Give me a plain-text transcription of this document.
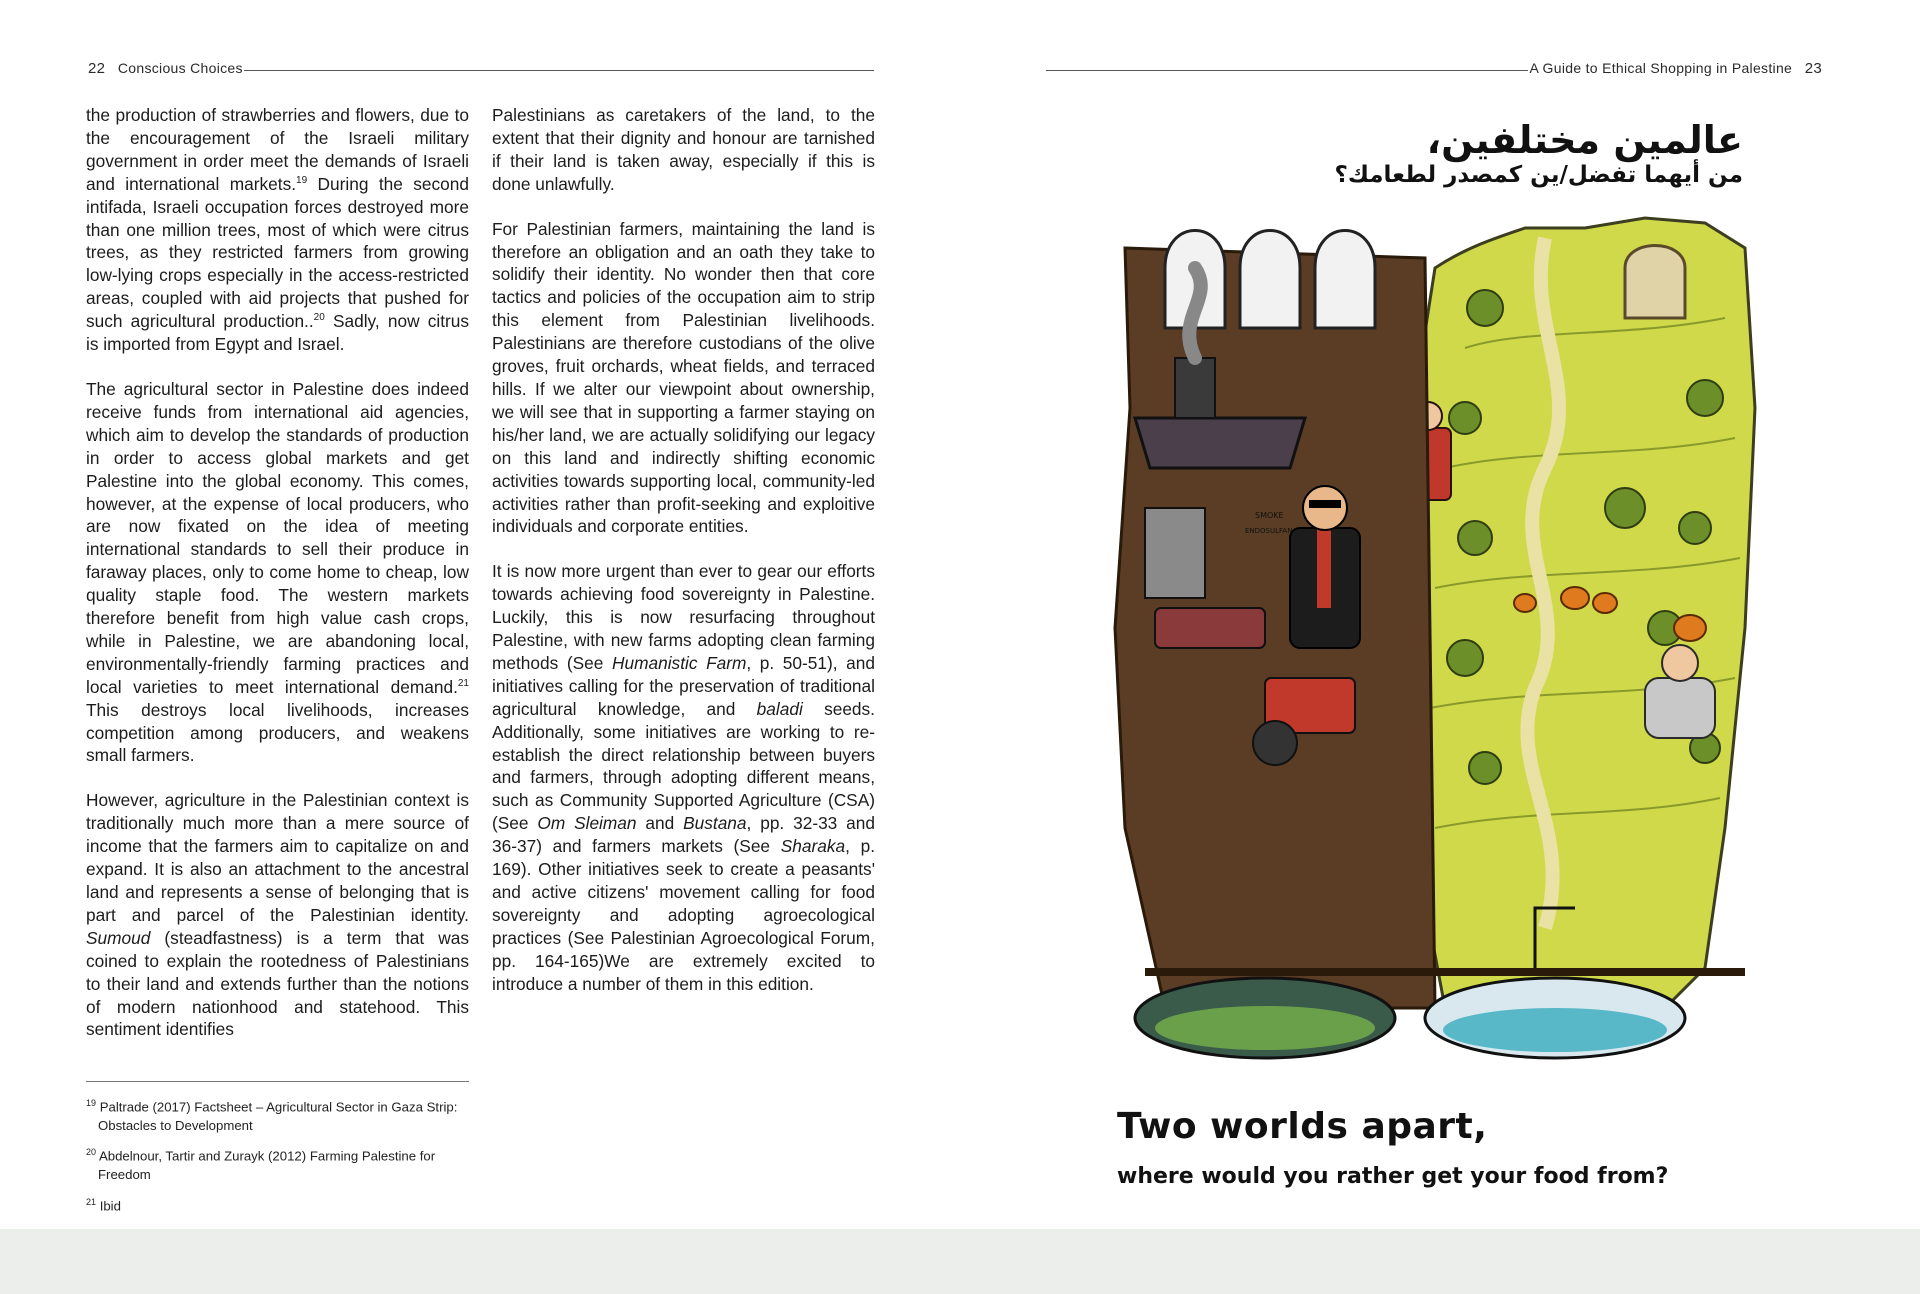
22 Conscious Choices	A Guide to Ethical Shopping in Palestine 23

the production of strawberries and flowers, due to the encouragement of the Israeli military government in order meet the demands of Israeli and international markets.$^{19}$ During the second intifada, Israeli occupation forces destroyed more than one million trees, most of which were citrus trees, as they restricted farmers from growing low-lying crops especially in the access-restricted areas, coupled with aid projects that pushed for such agricultural production..$^{20}$ Sadly, now citrus is imported from Egypt and Israel.

The agricultural sector in Palestine does indeed receive funds from international aid agencies, which aim to develop the standards of production in order to access global markets and get Palestine into the global economy. This comes, however, at the expense of local producers, who are now fixated on the idea of meeting international standards to sell their produce in faraway places, only to come home to cheap, low quality staple food. The western markets therefore benefit from high value cash crops, while in Palestine, we are abandoning local, environmentally-friendly farming practices and local varieties to meet international demand.$^{21}$ This destroys local livelihoods, increases competition among producers, and weakens small farmers.

However, agriculture in the Palestinian context is traditionally much more than a mere source of income that the farmers aim to capitalize on and expand. It is also an attachment to the ancestral land and represents a sense of belonging that is part and parcel of the Palestinian identity. Sumoud (steadfastness) is a term that was coined to explain the rootedness of Palestinians to their land and extends further than the notions of modern nationhood and statehood. This sentiment identifies

Palestinians as caretakers of the land, to the extent that their dignity and honour are tarnished if their land is taken away, especially if this is done unlawfully.

For Palestinian farmers, maintaining the land is therefore an obligation and an oath they take to solidify their identity. No wonder then that core tactics and policies of the occupation aim to strip this element from Palestinian livelihoods. Palestinians are therefore custodians of the olive groves, fruit orchards, wheat fields, and terraced hills. If we alter our viewpoint about ownership, we will see that in supporting a farmer staying on his/her land, we are actually solidifying our legacy on this land and indirectly shifting economic activities towards supporting local, community-led activities rather than profit-seeking and exploitive individuals and corporate entities.

It is now more urgent than ever to gear our efforts towards achieving food sovereignty in Palestine. Luckily, this is now resurfacing throughout Palestine, with new farms adopting clean farming methods (See Humanistic Farm, p. 50-51), and initiatives calling for the preservation of traditional agricultural knowledge, and baladi seeds. Additionally, some initiatives are working to re-establish the direct relationship between buyers and farmers, through adopting different means, such as Community Supported Agriculture (CSA) (See Om Sleiman and Bustana, pp. 32-33 and 36-37) and farmers markets (See Sharaka, p. 169). Other initiatives seek to create a peasants' and active citizens' movement calling for food sovereignty and adopting agroecological practices (See Palestinian Agroecological Forum, pp. 164-165)We are extremely excited to introduce a number of them in this edition.

$^{19}$ Paltrade (2017) Factsheet – Agricultural Sector in Gaza Strip: Obstacles to Development
$^{20}$ Abdelnour, Tartir and Zurayk (2012) Farming Palestine for Freedom
$^{21}$ Ibid
عالمين مختلفين،
من أيهما تفضل/ين كمصدر لطعامك؟
SMOKE
ENDOSULFAN
Two worlds apart,
where would you rather get your food from?
